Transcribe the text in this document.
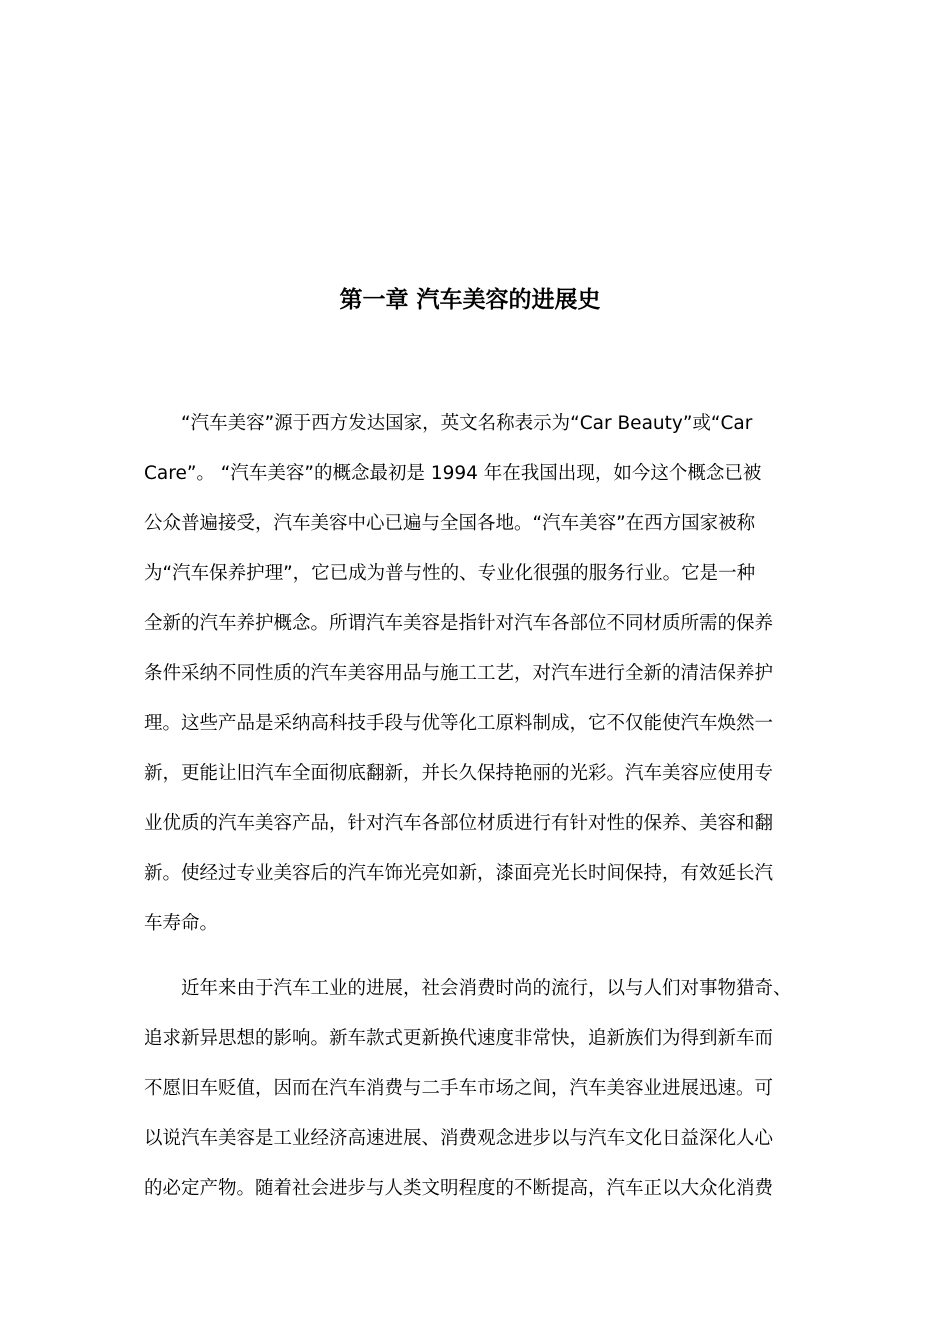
第一章 汽车美容的进展史

“汽车美容”源于西方发达国家，英文名称表示为“Car Beauty”或“Car
Care”。 “汽车美容”的概念最初是 1994 年在我国出现，如今这个概念已被
公众普遍接受，汽车美容中心已遍与全国各地。“汽车美容”在西方国家被称
为“汽车保养护理”，它已成为普与性的、专业化很强的服务行业。它是一种
全新的汽车养护概念。所谓汽车美容是指针对汽车各部位不同材质所需的保养
条件采纳不同性质的汽车美容用品与施工工艺，对汽车进行全新的清洁保养护
理。这些产品是采纳高科技手段与优等化工原料制成，它不仅能使汽车焕然一
新，更能让旧汽车全面彻底翻新，并长久保持艳丽的光彩。汽车美容应使用专
业优质的汽车美容产品，针对汽车各部位材质进行有针对性的保养、美容和翻
新。使经过专业美容后的汽车饰光亮如新，漆面亮光长时间保持，有效延长汽
车寿命。

近年来由于汽车工业的进展，社会消费时尚的流行，以与人们对事物猎奇、
追求新异思想的影响。新车款式更新换代速度非常快，追新族们为得到新车而
不愿旧车贬值，因而在汽车消费与二手车市场之间，汽车美容业进展迅速。可
以说汽车美容是工业经济高速进展、消费观念进步以与汽车文化日益深化人心
的必定产物。随着社会进步与人类文明程度的不断提高，汽车正以大众化消费
